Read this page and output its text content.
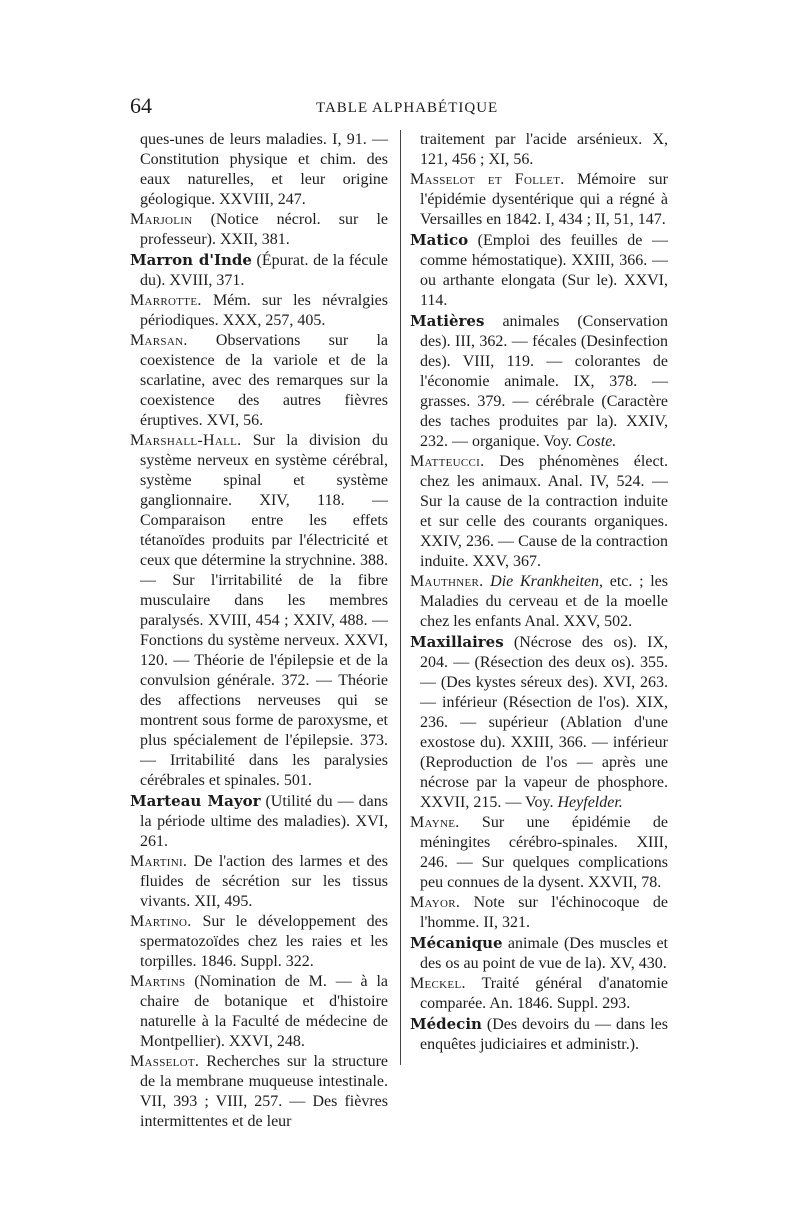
64	TABLE ALPHABÉTIQUE

ques-unes de leurs maladies. I, 91. — Constitution physique et chim. des eaux naturelles, et leur origine géologique. XXVIII, 247.

Marjolin (Notice nécrol. sur le professeur). XXII, 381.

Marron d'Inde (Épurat. de la fécule du). XVIII, 371.

Marrotte. Mém. sur les névralgies périodiques. XXX, 257, 405.

Marsan. Observations sur la coexistence de la variole et de la scarlatine, avec des remarques sur la coexistence des autres fièvres éruptives. XVI, 56.

Marshall-Hall. Sur la division du système nerveux en système cérébral, système spinal et système ganglionnaire. XIV, 118. — Comparaison entre les effets tétanoïdes produits par l'électricité et ceux que détermine la strychnine. 388. — Sur l'irritabilité de la fibre musculaire dans les membres paralysés. XVIII, 454 ; XXIV, 488. — Fonctions du système nerveux. XXVI, 120. — Théorie de l'épilepsie et de la convulsion générale. 372. — Théorie des affections nerveuses qui se montrent sous forme de paroxysme, et plus spécialement de l'épilepsie. 373. — Irritabilité dans les paralysies cérébrales et spinales. 501.

Marteau Mayor (Utilité du — dans la période ultime des maladies). XVI, 261.

Martini. De l'action des larmes et des fluides de sécrétion sur les tissus vivants. XII, 495.

Martino. Sur le développement des spermatozoïdes chez les raies et les torpilles. 1846. Suppl. 322.

Martins (Nomination de M. — à la chaire de botanique et d'histoire naturelle à la Faculté de médecine de Montpellier). XXVI, 248.

Masselot. Recherches sur la structure de la membrane muqueuse intestinale. VII, 393 ; VIII, 257. — Des fièvres intermittentes et de leur

traitement par l'acide arsénieux. X, 121, 456 ; XI, 56.

Masselot et Follet. Mémoire sur l'épidémie dysentérique qui a régné à Versailles en 1842. I, 434 ; II, 51, 147.

Matico (Emploi des feuilles de — comme hémostatique). XXIII, 366. — ou arthante elongata (Sur le). XXVI, 114.

Matières animales (Conservation des). III, 362. — fécales (Desinfection des). VIII, 119. — colorantes de l'économie animale. IX, 378. — grasses. 379. — cérébrale (Caractère des taches produites par la). XXIV, 232. — organique. Voy. Coste.

Matteucci. Des phénomènes élect. chez les animaux. Anal. IV, 524. — Sur la cause de la contraction induite et sur celle des courants organiques. XXIV, 236. — Cause de la contraction induite. XXV, 367.

Mauthner. Die Krankheiten, etc. ; les Maladies du cerveau et de la moelle chez les enfants Anal. XXV, 502.

Maxillaires (Nécrose des os). IX, 204. — (Résection des deux os). 355. — (Des kystes séreux des). XVI, 263. — inférieur (Résection de l'os). XIX, 236. — supérieur (Ablation d'une exostose du). XXIII, 366. — inférieur (Reproduction de l'os — après une nécrose par la vapeur de phosphore. XXVII, 215. — Voy. Heyfelder.

Mayne. Sur une épidémie de méningites cérébro-spinales. XIII, 246. — Sur quelques complications peu connues de la dysent. XXVII, 78.

Mayor. Note sur l'échinocoque de l'homme. II, 321.

Mécanique animale (Des muscles et des os au point de vue de la). XV, 430.

Meckel. Traité général d'anatomie comparée. An. 1846. Suppl. 293.

Médecin (Des devoirs du — dans les enquêtes judiciaires et administr.).
